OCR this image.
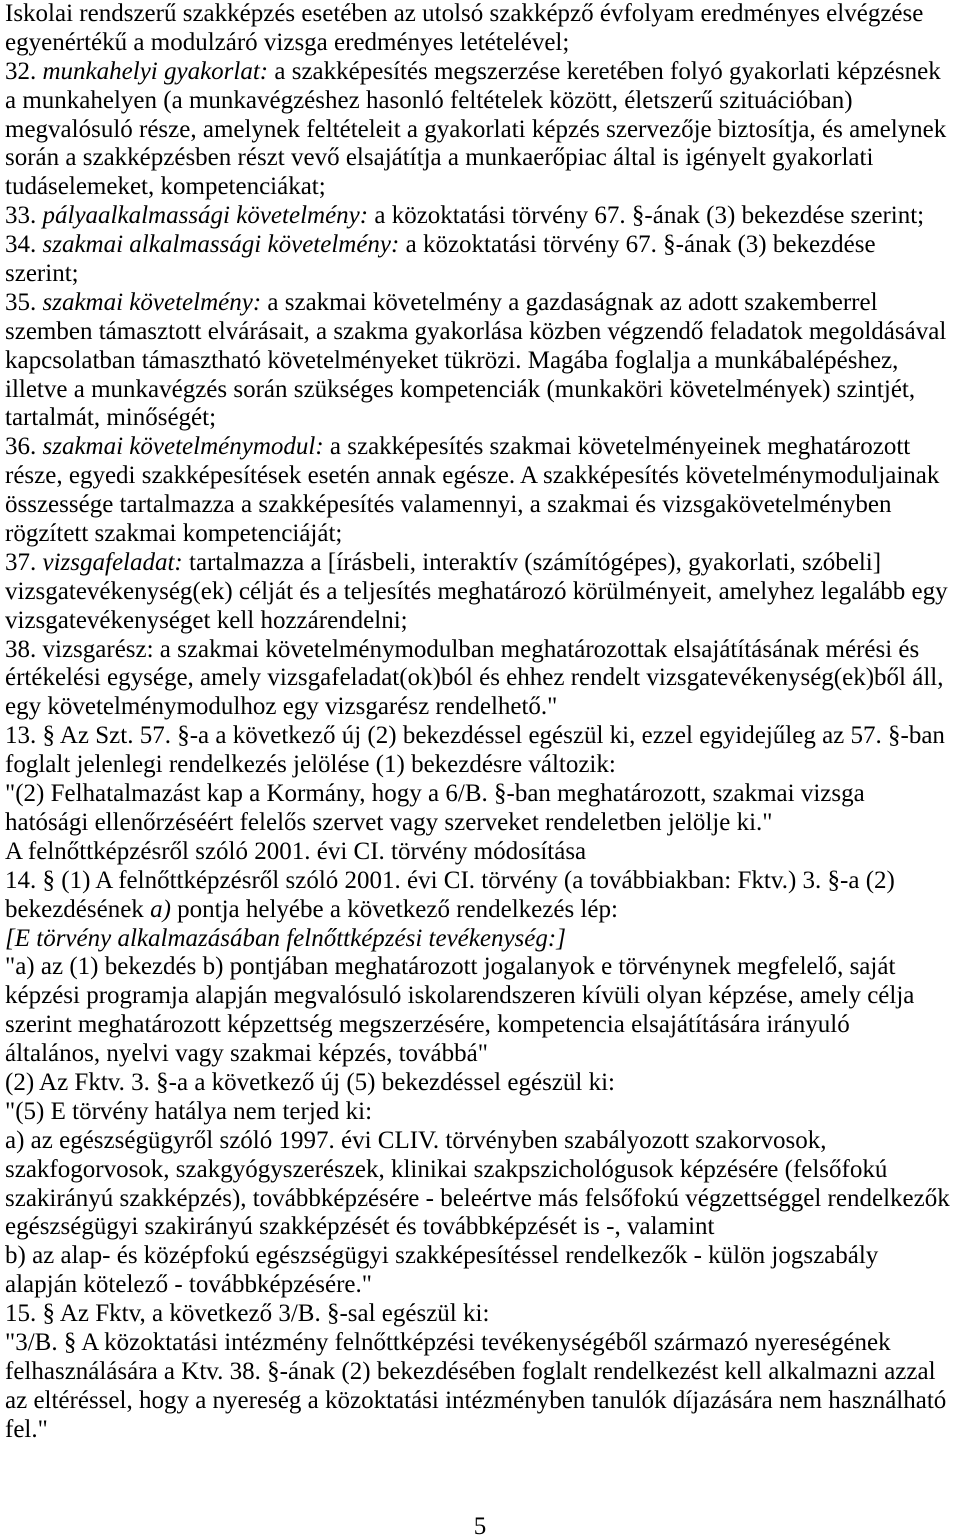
Iskolai rendszerű szakképzés esetében az utolsó szakképző évfolyam eredményes elvégzése
egyenértékű a modulzáró vizsga eredményes letételével;
32. munkahelyi gyakorlat: a szakképesítés megszerzése keretében folyó gyakorlati képzésnek
a munkahelyen (a munkavégzéshez hasonló feltételek között, életszerű szituációban)
megvalósuló része, amelynek feltételeit a gyakorlati képzés szervezője biztosítja, és amelynek
során a szakképzésben részt vevő elsajátítja a munkaerőpiac által is igényelt gyakorlati
tudáselemeket, kompetenciákat;
33. pályaalkalmassági követelmény: a közoktatási törvény 67. §-ának (3) bekezdése szerint;
34. szakmai alkalmassági követelmény: a közoktatási törvény 67. §-ának (3) bekezdése
szerint;
35. szakmai követelmény: a szakmai követelmény a gazdaságnak az adott szakemberrel
szemben támasztott elvárásait, a szakma gyakorlása közben végzendő feladatok megoldásával
kapcsolatban támasztható követelményeket tükrözi. Magába foglalja a munkábalépéshez,
illetve a munkavégzés során szükséges kompetenciák (munkaköri követelmények) szintjét,
tartalmát, minőségét;
36. szakmai követelménymodul: a szakképesítés szakmai követelményeinek meghatározott
része, egyedi szakképesítések esetén annak egésze. A szakképesítés követelménymoduljainak
összessége tartalmazza a szakképesítés valamennyi, a szakmai és vizsgakövetelményben
rögzített szakmai kompetenciáját;
37. vizsgafeladat: tartalmazza a [írásbeli, interaktív (számítógépes), gyakorlati, szóbeli]
vizsgatevékenység(ek) célját és a teljesítés meghatározó körülményeit, amelyhez legalább egy
vizsgatevékenységet kell hozzárendelni;
38. vizsgarész: a szakmai követelménymodulban meghatározottak elsajátításának mérési és
értékelési egysége, amely vizsgafeladat(ok)ból és ehhez rendelt vizsgatevékenység(ek)ből áll,
egy követelménymodulhoz egy vizsgarész rendelhető."
13. § Az Szt. 57. §-a a következő új (2) bekezdéssel egészül ki, ezzel egyidejűleg az 57. §-ban
foglalt jelenlegi rendelkezés jelölése (1) bekezdésre változik:
"(2) Felhatalmazást kap a Kormány, hogy a 6/B. §-ban meghatározott, szakmai vizsga
hatósági ellenőrzéséért felelős szervet vagy szerveket rendeletben jelölje ki."
A felnőttképzésről szóló 2001. évi CI. törvény módosítása
14. § (1) A felnőttképzésről szóló 2001. évi CI. törvény (a továbbiakban: Fktv.) 3. §-a (2)
bekezdésének a) pontja helyébe a következő rendelkezés lép:
[E törvény alkalmazásában felnőttképzési tevékenység:]
"a) az (1) bekezdés b) pontjában meghatározott jogalanyok e törvénynek megfelelő, saját
képzési programja alapján megvalósuló iskolarendszeren kívüli olyan képzése, amely célja
szerint meghatározott képzettség megszerzésére, kompetencia elsajátítására irányuló
általános, nyelvi vagy szakmai képzés, továbbá"
(2) Az Fktv. 3. §-a a következő új (5) bekezdéssel egészül ki:
"(5) E törvény hatálya nem terjed ki:
a) az egészségügyről szóló 1997. évi CLIV. törvényben szabályozott szakorvosok,
szakfogorvosok, szakgyógyszerészek, klinikai szakpszichológusok képzésére (felsőfokú
szakirányú szakképzés), továbbképzésére - beleértve más felsőfokú végzettséggel rendelkezők
egészségügyi szakirányú szakképzését és továbbképzését is -, valamint
b) az alap- és középfokú egészségügyi szakképesítéssel rendelkezők - külön jogszabály
alapján kötelező - továbbképzésére."
15. § Az Fktv, a következő 3/B. §-sal egészül ki:
"3/B. § A közoktatási intézmény felnőttképzési tevékenységéből származó nyereségének
felhasználására a Ktv. 38. §-ának (2) bekezdésében foglalt rendelkezést kell alkalmazni azzal
az eltéréssel, hogy a nyereség a közoktatási intézményben tanulók díjazására nem használható
fel."
5
